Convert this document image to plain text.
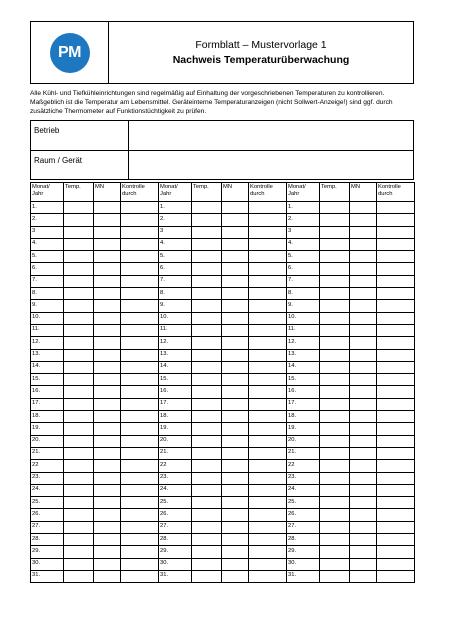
PM	Formblatt – Mustervorlage 1
Nachweis Temperaturüberwachung
Alle Kühl- und Tiefkühleinrichtungen sind regelmäßig auf Einhaltung der vorgeschriebenen Temperaturen zu kontrollieren. Maßgeblich ist die Temperatur am Lebensmittel. Geräteinterne Temperaturanzeigen (nicht Sollwert-Anzeige!) sind ggf. durch zusätzliche Thermometer auf Funktionstüchtigkeit zu prüfen.
Betrieb
Raum / Gerät
Monat/ Jahr	Temp.	MN	Kontrolle durch	Monat/ Jahr	Temp.	MN	Kontrolle durch	Monat/ Jahr	Temp.	MN	Kontrolle durch
1.				1.				1.			
2.				2.				2.			
3				3				3			
4.				4.				4.			
5.				5.				5.			
6.				6.				6.			
7.				7.				7.			
8.				8.				8.			
9.				9.				9.			
10.				10.				10.			
11.				11.				11.			
12.				12.				12.			
13.				13.				13.			
14.				14.				14.			
15.				15.				15.			
16.				16.				16.			
17.				17.				17.			
18.				18.				18.			
19.				19.				19.			
20.				20.				20.			
21.				21.				21.			
22				22				22			
23.				23.				23.			
24.				24.				24.			
25.				25.				25.			
26.				26.				26.			
27.				27.				27.			
28.				28.				28.			
29.				29.				29.			
30.				30.				30.			
31.				31.				31.			
